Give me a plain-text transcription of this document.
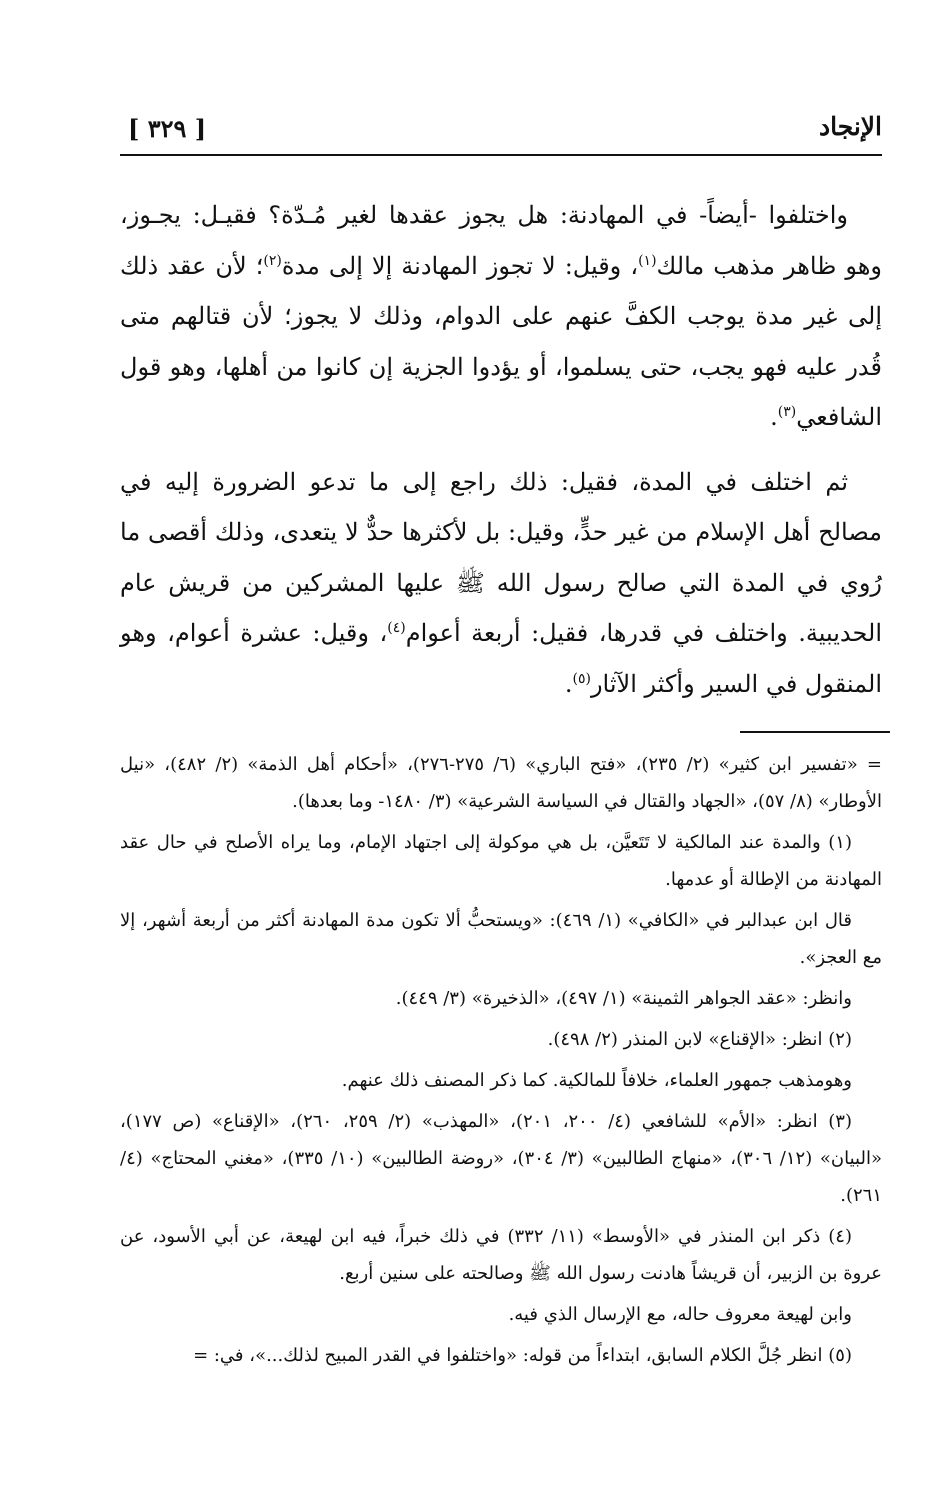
الإنجاد
[ ٣٢٩ ]

واختلفوا -أيضاً- في المهادنة: هل يجوز عقدها لغير مُـدّة؟ فقيـل: يجـوز، وهو ظاهر مذهب مالك$^{(١)}$، وقيل: لا تجوز المهادنة إلا إلى مدة$^{(٢)}$؛ لأن عقد ذلك إلى غير مدة يوجب الكفَّ عنهم على الدوام، وذلك لا يجوز؛ لأن قتالهم متى قُدر عليه فهو يجب، حتى يسلموا، أو يؤدوا الجزية إن كانوا من أهلها، وهو قول الشافعي$^{(٣)}$.

ثم اختلف في المدة، فقيل: ذلك راجع إلى ما تدعو الضرورة إليه في مصالح أهل الإسلام من غير حدٍّ، وقيل: بل لأكثرها حدٌّ لا يتعدى، وذلك أقصى ما رُوي في المدة التي صالح رسول الله ﷺ عليها المشركين من قريش عام الحديبية. واختلف في قدرها، فقيل: أربعة أعوام$^{(٤)}$، وقيل: عشرة أعوام، وهو المنقول في السير وأكثر الآثار$^{(٥)}$.

= «تفسير ابن كثير» (٢/ ٢٣٥)، «فتح الباري» (٦/ ٢٧٥-٢٧٦)، «أحكام أهل الذمة» (٢/ ٤٨٢)، «نيل الأوطار» (٨/ ٥٧)، «الجهاد والقتال في السياسة الشرعية» (٣/ ١٤٨٠- وما بعدها).

(١) والمدة عند المالكية لا تَتَعيَّن، بل هي موكولة إلى اجتهاد الإمام، وما يراه الأصلح في حال عقد المهادنة من الإطالة أو عدمها.

قال ابن عبدالبر في «الكافي» (١/ ٤٦٩): «ويستحبُّ ألا تكون مدة المهادنة أكثر من أربعة أشهر، إلا مع العجز».

وانظر: «عقد الجواهر الثمينة» (١/ ٤٩٧)، «الذخيرة» (٣/ ٤٤٩).

(٢) انظر: «الإقناع» لابن المنذر (٢/ ٤٩٨).

وهومذهب جمهور العلماء، خلافاً للمالكية. كما ذكر المصنف ذلك عنهم.

(٣) انظر: «الأم» للشافعي (٤/ ٢٠٠، ٢٠١)، «المهذب» (٢/ ٢٥٩، ٢٦٠)، «الإقناع» (ص ١٧٧)، «البيان» (١٢/ ٣٠٦)، «منهاج الطالبين» (٣/ ٣٠٤)، «روضة الطالبين» (١٠/ ٣٣٥)، «مغني المحتاج» (٤/ ٢٦١).

(٤) ذكر ابن المنذر في «الأوسط» (١١/ ٣٣٢) في ذلك خبراً، فيه ابن لهيعة، عن أبي الأسود، عن عروة بن الزبير، أن قريشاً هادنت رسول الله ﷺ وصالحته على سنين أربع.

وابن لهيعة معروف حاله، مع الإرسال الذي فيه.

(٥) انظر جُلَّ الكلام السابق، ابتداءاً من قوله: «واختلفوا في القدر المبيح لذلك...»، في: =
